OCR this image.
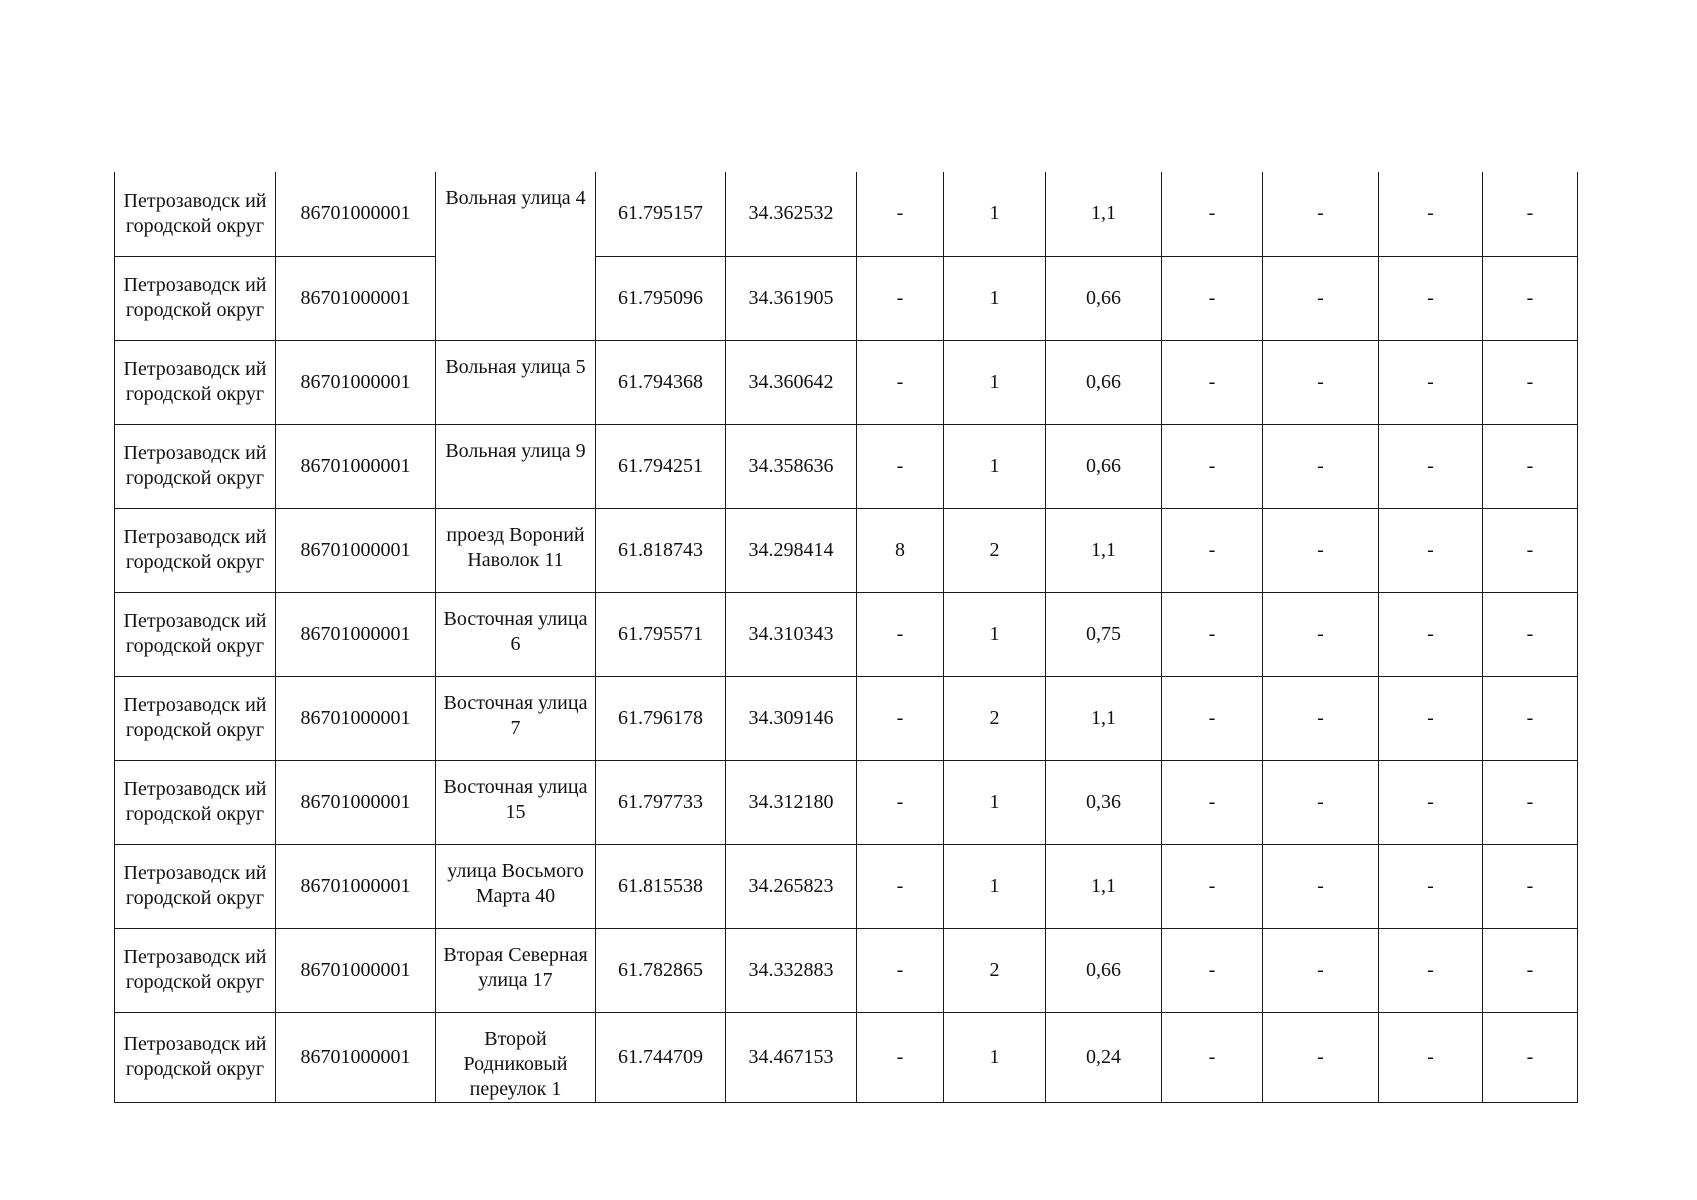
Петрозаводск ий городской округ	86701000001	Вольная улица 4	61.795157	34.362532	-	1	1,1	-	-	-	-
Петрозаводск ий городской округ	86701000001		61.795096	34.361905	-	1	0,66	-	-	-	-
Петрозаводск ий городской округ	86701000001	Вольная улица 5	61.794368	34.360642	-	1	0,66	-	-	-	-
Петрозаводск ий городской округ	86701000001	Вольная улица 9	61.794251	34.358636	-	1	0,66	-	-	-	-
Петрозаводск ий городской округ	86701000001	проезд Вороний Наволок 11	61.818743	34.298414	8	2	1,1	-	-	-	-
Петрозаводск ий городской округ	86701000001	Восточная улица 6	61.795571	34.310343	-	1	0,75	-	-	-	-
Петрозаводск ий городской округ	86701000001	Восточная улица 7	61.796178	34.309146	-	2	1,1	-	-	-	-
Петрозаводск ий городской округ	86701000001	Восточная улица 15	61.797733	34.312180	-	1	0,36	-	-	-	-
Петрозаводск ий городской округ	86701000001	улица Восьмого Марта 40	61.815538	34.265823	-	1	1,1	-	-	-	-
Петрозаводск ий городской округ	86701000001	Вторая Северная улица 17	61.782865	34.332883	-	2	0,66	-	-	-	-
Петрозаводск ий городской округ	86701000001	Второй Родниковый переулок 1	61.744709	34.467153	-	1	0,24	-	-	-	-
